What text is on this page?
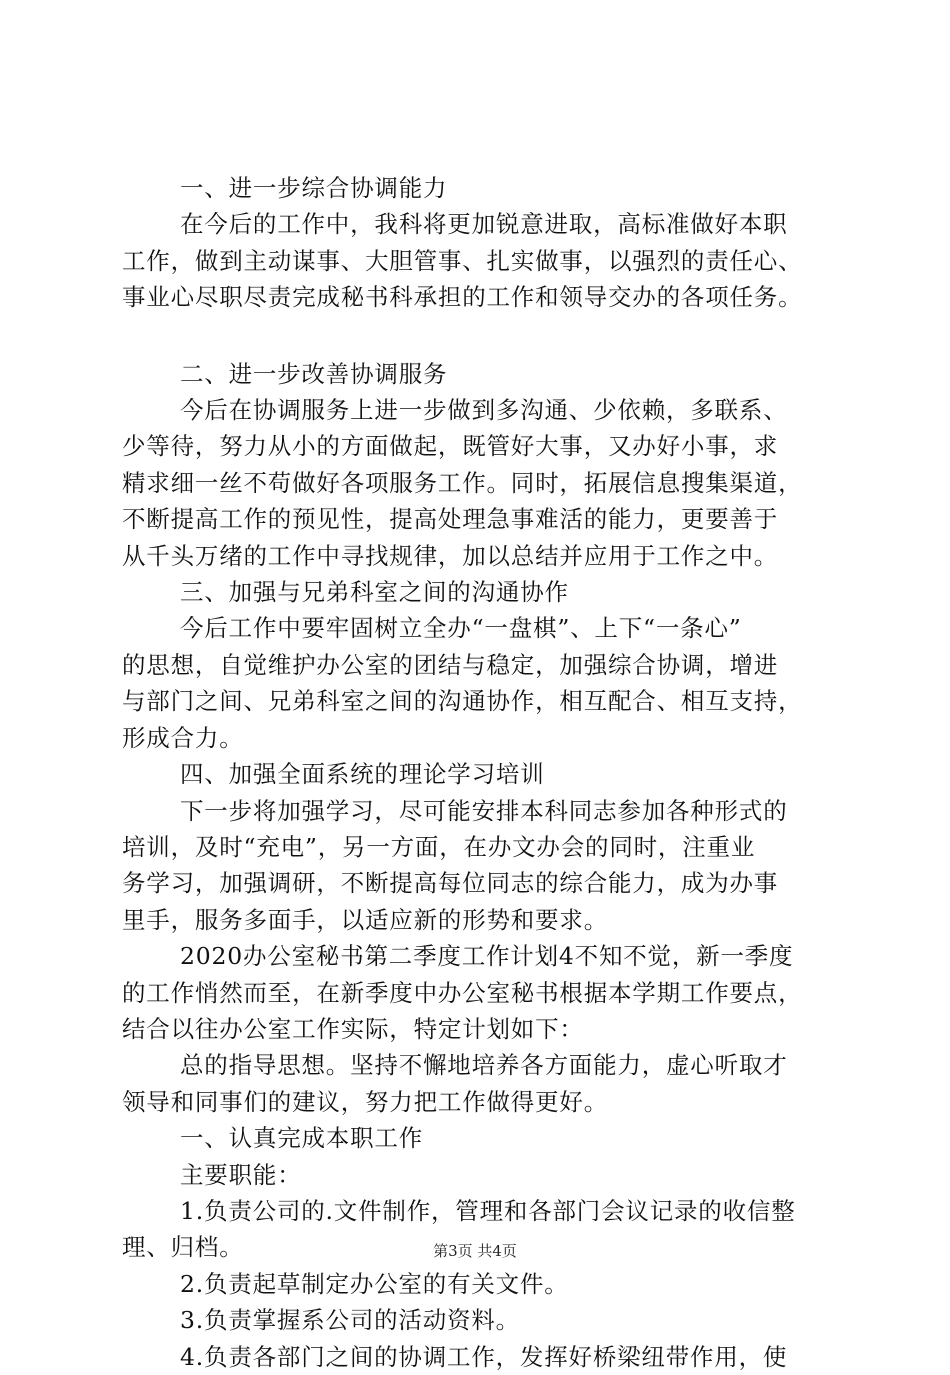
一、进一步综合协调能力

在今后的工作中，我科将更加锐意进取，高标准做好本职

工作，做到主动谋事、大胆管事、扎实做事，以强烈的责任心、

事业心尽职尽责完成秘书科承担的工作和领导交办的各项任务。

二、进一步改善协调服务

今后在协调服务上进一步做到多沟通、少依赖，多联系、

少等待，努力从小的方面做起，既管好大事，又办好小事，求

精求细一丝不苟做好各项服务工作。同时，拓展信息搜集渠道，

不断提高工作的预见性，提高处理急事难活的能力，更要善于

从千头万绪的工作中寻找规律，加以总结并应用于工作之中。

三、加强与兄弟科室之间的沟通协作

今后工作中要牢固树立全办“一盘棋”、上下“一条心”

的思想，自觉维护办公室的团结与稳定，加强综合协调，增进

与部门之间、兄弟科室之间的沟通协作，相互配合、相互支持，

形成合力。

四、加强全面系统的理论学习培训

下一步将加强学习，尽可能安排本科同志参加各种形式的

培训，及时“充电”，另一方面，在办文办会的同时，注重业

务学习，加强调研，不断提高每位同志的综合能力，成为办事

里手，服务多面手，以适应新的形势和要求。

2020办公室秘书第二季度工作计划4不知不觉，新一季度

的工作悄然而至，在新季度中办公室秘书根据本学期工作要点，

结合以往办公室工作实际，特定计划如下：

总的指导思想。坚持不懈地培养各方面能力，虚心听取才

领导和同事们的建议，努力把工作做得更好。

一、认真完成本职工作

主要职能：

1.负责公司的.文件制作，管理和各部门会议记录的收信整

理、归档。

2.负责起草制定办公室的有关文件。

3.负责掌握系公司的活动资料。

4.负责各部门之间的协调工作，发挥好桥梁纽带作用，使

第3页 共4页
